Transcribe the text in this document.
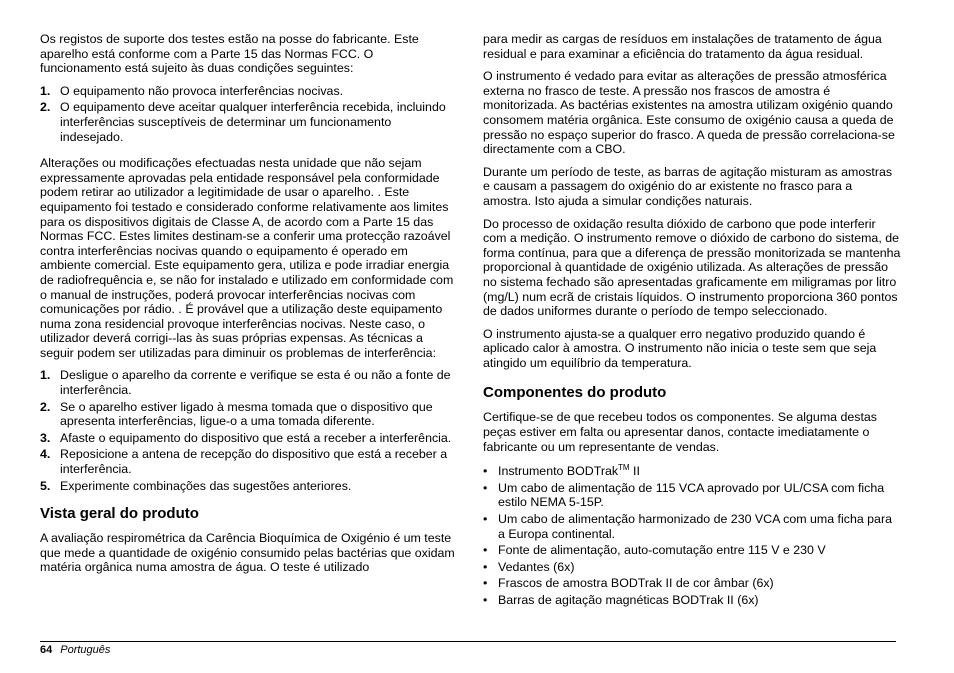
Os registos de suporte dos testes estão na posse do fabricante. Este aparelho está conforme com a Parte 15 das Normas FCC. O funcionamento está sujeito às duas condições seguintes:

1. O equipamento não provoca interferências nocivas.
2. O equipamento deve aceitar qualquer interferência recebida, incluindo interferências susceptíveis de determinar um funcionamento indesejado.

Alterações ou modificações efectuadas nesta unidade que não sejam expressamente aprovadas pela entidade responsável pela conformidade podem retirar ao utilizador a legitimidade de usar o aparelho. . Este equipamento foi testado e considerado conforme relativamente aos limites para os dispositivos digitais de Classe A, de acordo com a Parte 15 das Normas FCC. Estes limites destinam-se a conferir uma protecção razoável contra interferências nocivas quando o equipamento é operado em ambiente comercial. Este equipamento gera, utiliza e pode irradiar energia de radiofrequência e, se não for instalado e utilizado em conformidade com o manual de instruções, poderá provocar interferências nocivas com comunicações por rádio. . É provável que a utilização deste equipamento numa zona residencial provoque interferências nocivas. Neste caso, o utilizador deverá corrigi--las às suas próprias expensas. As técnicas a seguir podem ser utilizadas para diminuir os problemas de interferência:

1. Desligue o aparelho da corrente e verifique se esta é ou não a fonte de interferência.
2. Se o aparelho estiver ligado à mesma tomada que o dispositivo que apresenta interferências, ligue-o a uma tomada diferente.
3. Afaste o equipamento do dispositivo que está a receber a interferência.
4. Reposicione a antena de recepção do dispositivo que está a receber a interferência.
5. Experimente combinações das sugestões anteriores.
Vista geral do produto

A avaliação respirométrica da Carência Bioquímica de Oxigénio é um teste que mede a quantidade de oxigénio consumido pelas bactérias que oxidam matéria orgânica numa amostra de água. O teste é utilizado

para medir as cargas de resíduos em instalações de tratamento de água residual e para examinar a eficiência do tratamento da água residual.

O instrumento é vedado para evitar as alterações de pressão atmosférica externa no frasco de teste. A pressão nos frascos de amostra é monitorizada. As bactérias existentes na amostra utilizam oxigénio quando consomem matéria orgânica. Este consumo de oxigénio causa a queda de pressão no espaço superior do frasco. A queda de pressão correlaciona-se directamente com a CBO.

Durante um período de teste, as barras de agitação misturam as amostras e causam a passagem do oxigénio do ar existente no frasco para a amostra. Isto ajuda a simular condições naturais.

Do processo de oxidação resulta dióxido de carbono que pode interferir com a medição. O instrumento remove o dióxido de carbono do sistema, de forma contínua, para que a diferença de pressão monitorizada se mantenha proporcional à quantidade de oxigénio utilizada. As alterações de pressão no sistema fechado são apresentadas graficamente em miligramas por litro (mg/L) num ecrã de cristais líquidos. O instrumento proporciona 360 pontos de dados uniformes durante o período de tempo seleccionado.

O instrumento ajusta-se a qualquer erro negativo produzido quando é aplicado calor à amostra. O instrumento não inicia o teste sem que seja atingido um equilíbrio da temperatura.

Componentes do produto

Certifique-se de que recebeu todos os componentes. Se alguma destas peças estiver em falta ou apresentar danos, contacte imediatamente o fabricante ou um representante de vendas.

• Instrumento BODTrak™ II
• Um cabo de alimentação de 115 VCA aprovado por UL/CSA com ficha estilo NEMA 5-15P.
• Um cabo de alimentação harmonizado de 230 VCA com uma ficha para a Europa continental.
• Fonte de alimentação, auto-comutação entre 115 V e 230 V
• Vedantes (6x)
• Frascos de amostra BODTrak II de cor âmbar (6x)
• Barras de agitação magnéticas BODTrak II (6x)
64 Português
